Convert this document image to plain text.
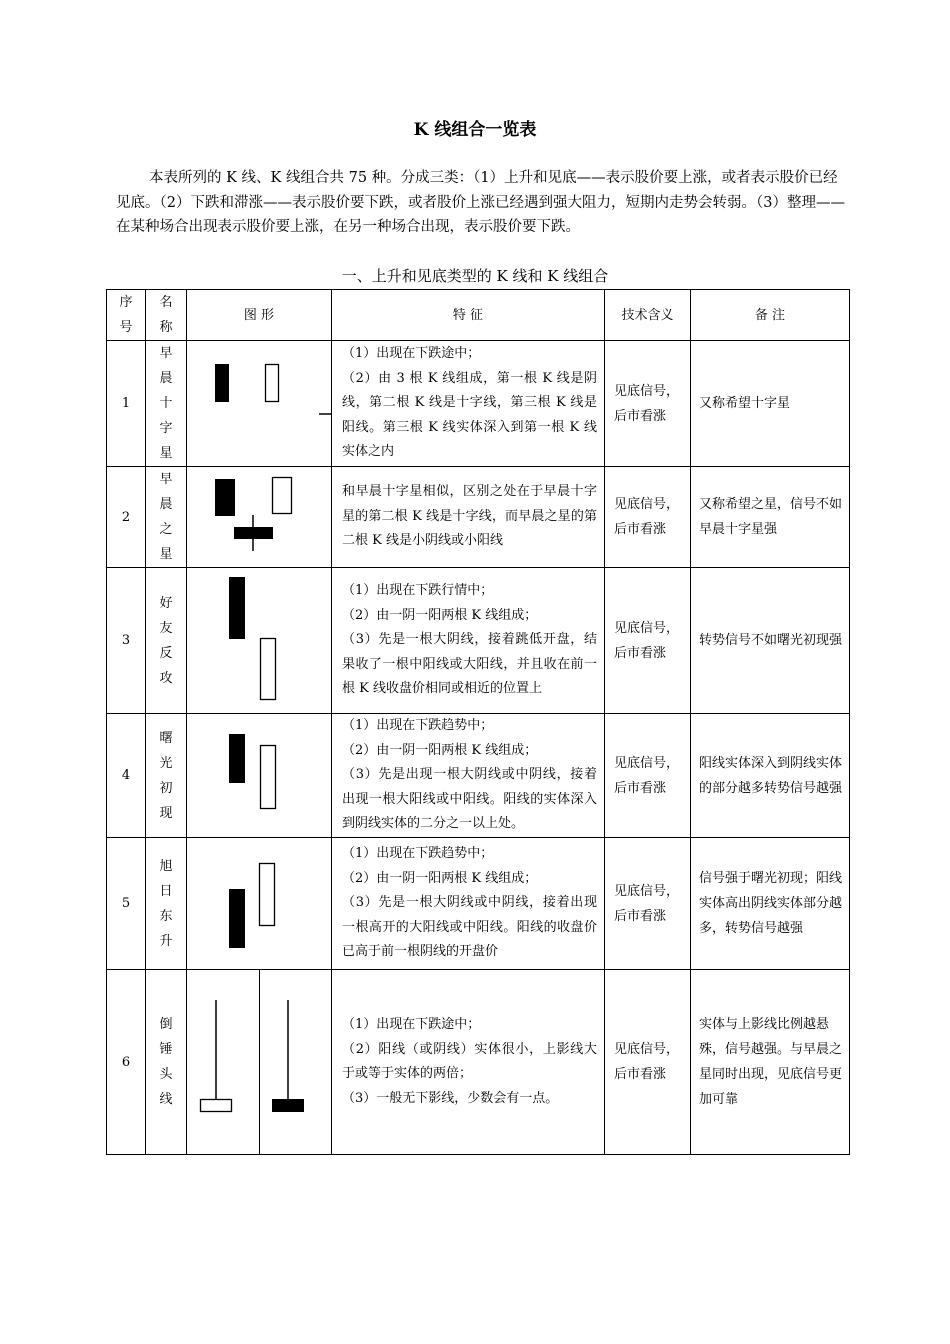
K 线组合一览表

本表所列的 K 线、K 线组合共 75 种。分成三类：（1）上升和见底——表示股价要上涨，或者表示股价已经见底。（2）下跌和滞涨——表示股价要下跌，或者股价上涨已经遇到强大阻力，短期内走势会转弱。（3）整理——在某种场合出现表示股价要上涨，在另一种场合出现，表示股价要下跌。

一、上升和见底类型的 K 线和 K 线组合
序号	名称	图 形	特 征	技术含义	备 注
1	早晨十字星		（1）出现在下跌途中；
（2）由 3 根 K 线组成，第一根 K 线是阴线，第二根 K 线是十字线，第三根 K 线是阳线。第三根 K 线实体深入到第一根 K 线实体之内	见底信号，后市看涨	又称希望十字星
2	早晨之星		和早晨十字星相似，区别之处在于早晨十字星的第二根 K 线是十字线，而早晨之星的第二根 K 线是小阴线或小阳线	见底信号，后市看涨	又称希望之星，信号不如早晨十字星强
3	好友反攻		（1）出现在下跌行情中；
（2）由一阴一阳两根 K 线组成；
（3）先是一根大阴线，接着跳低开盘，结果收了一根中阳线或大阳线，并且收在前一根 K 线收盘价相同或相近的位置上	见底信号，后市看涨	转势信号不如曙光初现强
4	曙光初现		（1）出现在下跌趋势中；
（2）由一阴一阳两根 K 线组成；
（3）先是出现一根大阴线或中阴线，接着出现一根大阳线或中阳线。阳线的实体深入到阴线实体的二分之一以上处。	见底信号，后市看涨	阳线实体深入到阴线实体的部分越多转势信号越强
5	旭日东升		（1）出现在下跌趋势中；
（2）由一阴一阳两根 K 线组成；
（3）先是一根大阴线或中阴线，接着出现一根高开的大阳线或中阳线。阳线的收盘价已高于前一根阴线的开盘价	见底信号，后市看涨	信号强于曙光初现；阳线实体高出阴线实体部分越多，转势信号越强
6	倒锤头线		（1）出现在下跌途中；
（2）阳线（或阴线）实体很小，上影线大于或等于实体的两倍；
（3）一般无下影线，少数会有一点。	见底信号，后市看涨	实体与上影线比例越悬殊，信号越强。与早晨之星同时出现，见底信号更加可靠
